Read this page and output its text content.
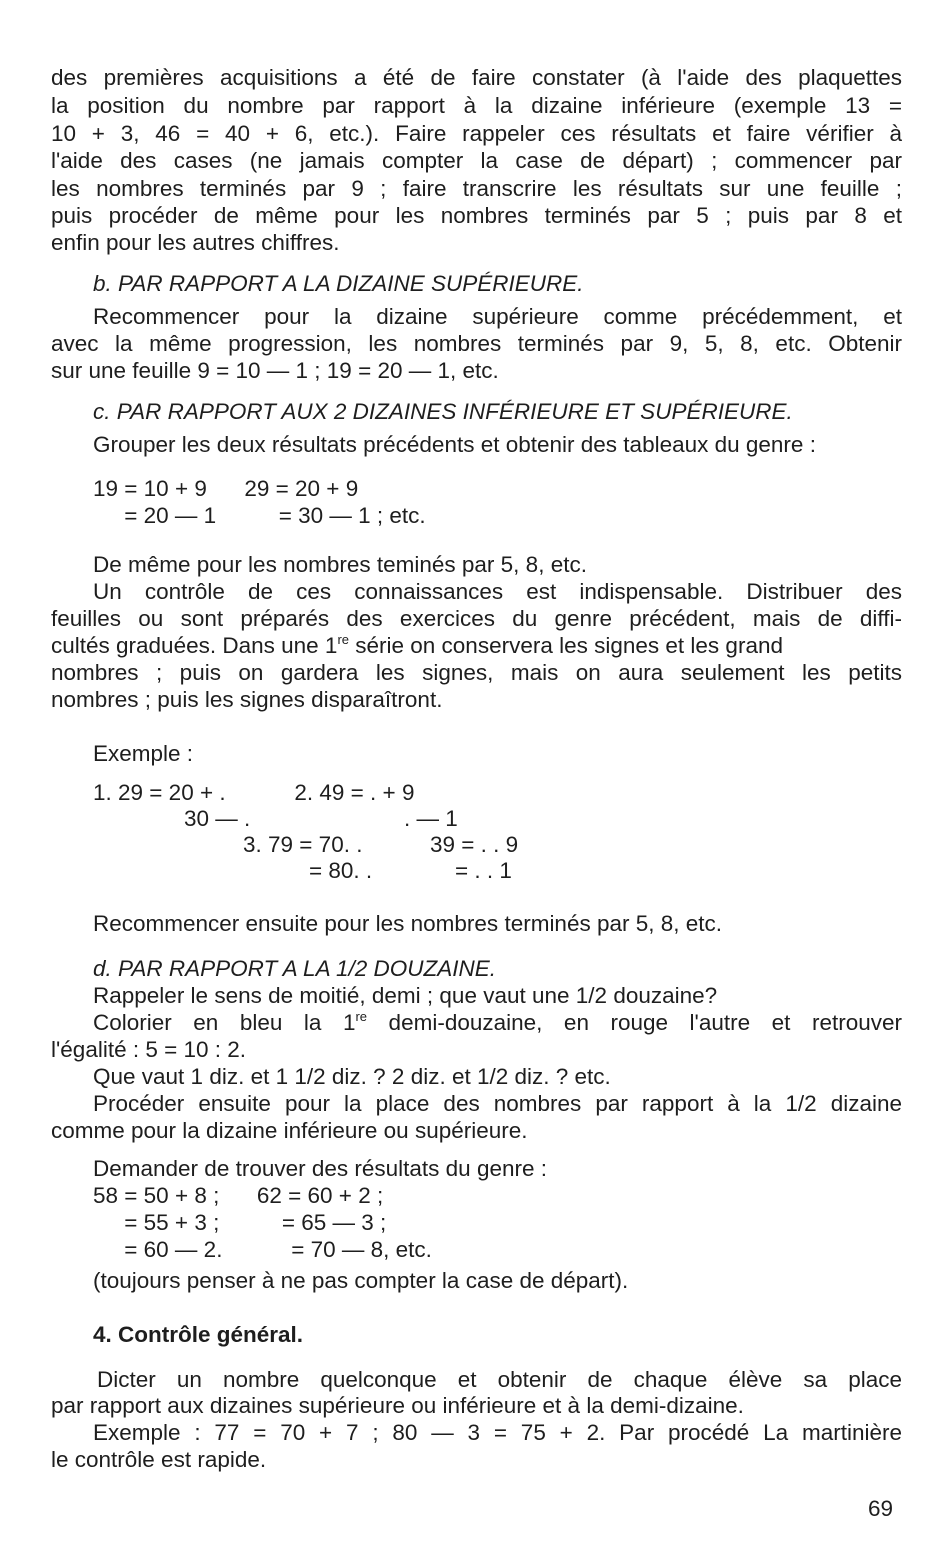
des premières acquisitions a été de faire constater (à l'aide des plaquettes
la position du nombre par rapport à la dizaine inférieure (exemple 13 =
10 + 3, 46 = 40 + 6, etc.). Faire rappeler ces résultats et faire vérifier à
l'aide des cases (ne jamais compter la case de départ) ; commencer par
les nombres terminés par 9 ; faire transcrire les résultats sur une feuille ;
puis procéder de même pour les nombres terminés par 5 ; puis par 8 et
enfin pour les autres chiffres.
b. PAR RAPPORT A LA DIZAINE SUPÉRIEURE.
Recommencer pour la dizaine supérieure comme précédemment, et
avec la même progression, les nombres terminés par 9, 5, 8, etc. Obtenir
sur une feuille 9 = 10 — 1 ; 19 = 20 — 1, etc.
c. PAR RAPPORT AUX 2 DIZAINES INFÉRIEURE ET SUPÉRIEURE.
Grouper les deux résultats précédents et obtenir des tableaux du genre :
19 = 10 + 9      29 = 20 + 9
= 20 — 1          = 30 — 1 ; etc.
De même pour les nombres teminés par 5, 8, etc.
Un contrôle de ces connaissances est indispensable. Distribuer des
feuilles ou sont préparés des exercices du genre précédent, mais de diffi-
cultés graduées. Dans une 1re série on conservera les signes et les grand
nombres ; puis on gardera les signes, mais on aura seulement les petits
nombres ; puis les signes disparaîtront.
Exemple :
1. 29 = 20 + .           2. 49 = . + 9
30 — .	. — 1
3. 79 = 70. .	39 = . . 9
= 80. .	= . . 1
Recommencer ensuite pour les nombres terminés par 5, 8, etc.
d. PAR RAPPORT A LA 1/2 DOUZAINE.
Rappeler le sens de moitié, demi ; que vaut une 1/2 douzaine?
Colorier en bleu la 1re demi-douzaine, en rouge l'autre et retrouver
l'égalité : 5 = 10 : 2.
Que vaut 1 diz. et 1 1/2 diz. ? 2 diz. et 1/2 diz. ? etc.
Procéder ensuite pour la place des nombres par rapport à la 1/2 dizaine
comme pour la dizaine inférieure ou supérieure.
Demander de trouver des résultats du genre :
58 = 50 + 8 ;      62 = 60 + 2 ;
= 55 + 3 ;          = 65 — 3 ;
= 60 — 2.           = 70 — 8, etc.
(toujours penser à ne pas compter la case de départ).
4. Contrôle général.
Dicter un nombre quelconque et obtenir de chaque élève sa place
par rapport aux dizaines supérieure ou inférieure et à la demi-dizaine.
Exemple : 77 = 70 + 7 ; 80 — 3 = 75 + 2. Par procédé La martinière
le contrôle est rapide.
69
